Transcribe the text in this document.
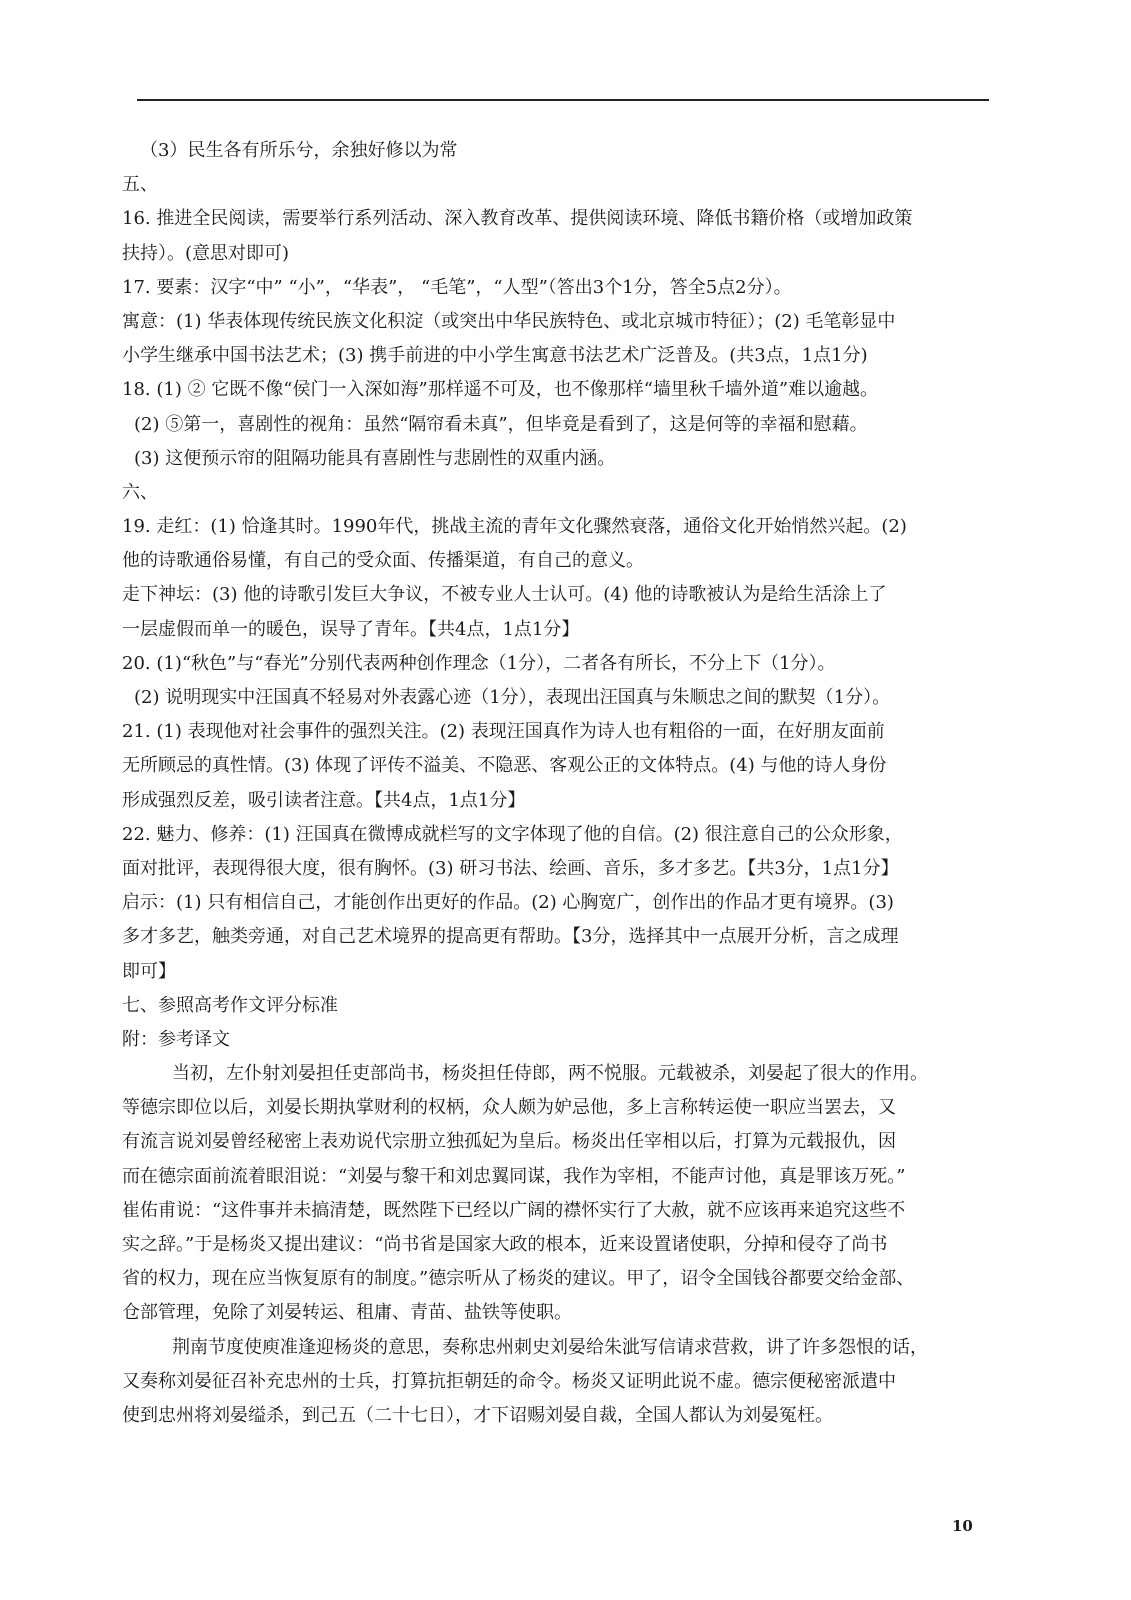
（3）民生各有所乐兮，余独好修以为常
五、
16. 推进全民阅读，需要举行系列活动、深入教育改革、提供阅读环境、降低书籍价格（或增加政策
扶持）。(意思对即可)
17. 要素：汉字“中” “小”，“华表”， “毛笔”，“人型”（答出3个1分，答全5点2分）。
寓意：(1) 华表体现传统民族文化积淀（或突出中华民族特色、或北京城市特征）；(2) 毛笔彰显中
小学生继承中国书法艺术；(3) 携手前进的中小学生寓意书法艺术广泛普及。(共3点，1点1分)
18. (1) ② 它既不像“侯门一入深如海”那样遥不可及，也不像那样“墙里秋千墙外道”难以逾越。
(2) ⑤第一，喜剧性的视角：虽然“隔帘看未真”，但毕竟是看到了，这是何等的幸福和慰藉。
(3) 这便预示帘的阻隔功能具有喜剧性与悲剧性的双重内涵。
六、
19. 走红：(1) 恰逢其时。1990年代，挑战主流的青年文化骤然衰落，通俗文化开始悄然兴起。(2)
他的诗歌通俗易懂，有自己的受众面、传播渠道，有自己的意义。
走下神坛：(3) 他的诗歌引发巨大争议，不被专业人士认可。(4) 他的诗歌被认为是给生活涂上了
一层虚假而单一的暖色，误导了青年。【共4点，1点1分】
20. (1)“秋色”与“春光”分别代表两种创作理念（1分），二者各有所长，不分上下（1分）。
(2) 说明现实中汪国真不轻易对外表露心迹（1分），表现出汪国真与朱顺忠之间的默契（1分）。
21. (1) 表现他对社会事件的强烈关注。(2) 表现汪国真作为诗人也有粗俗的一面，在好朋友面前
无所顾忌的真性情。(3) 体现了评传不溢美、不隐恶、客观公正的文体特点。(4) 与他的诗人身份
形成强烈反差，吸引读者注意。【共4点，1点1分】
22. 魅力、修养：(1) 汪国真在微博成就栏写的文字体现了他的自信。(2) 很注意自己的公众形象，
面对批评，表现得很大度，很有胸怀。(3) 研习书法、绘画、音乐，多才多艺。【共3分，1点1分】
启示：(1) 只有相信自己，才能创作出更好的作品。(2) 心胸宽广，创作出的作品才更有境界。(3)
多才多艺，触类旁通，对自己艺术境界的提高更有帮助。【3分，选择其中一点展开分析，言之成理
即可】
七、参照高考作文评分标准
附：参考译文
当初，左仆射刘晏担任吏部尚书，杨炎担任侍郎，两不悦服。元载被杀，刘晏起了很大的作用。
等德宗即位以后，刘晏长期执掌财利的权柄，众人颇为妒忌他，多上言称转运使一职应当罢去，又
有流言说刘晏曾经秘密上表劝说代宗册立独孤妃为皇后。杨炎出任宰相以后，打算为元载报仇，因
而在德宗面前流着眼泪说：“刘晏与黎干和刘忠翼同谋，我作为宰相，不能声讨他，真是罪该万死。”
崔佑甫说：“这件事并未搞清楚，既然陛下已经以广阔的襟怀实行了大赦，就不应该再来追究这些不
实之辞。”于是杨炎又提出建议：“尚书省是国家大政的根本，近来设置诸使职，分掉和侵夺了尚书
省的权力，现在应当恢复原有的制度。”德宗听从了杨炎的建议。甲了，诏令全国钱谷都要交给金部、
仓部管理，免除了刘晏转运、租庸、青苗、盐铁等使职。
荆南节度使庾准逢迎杨炎的意思，奏称忠州刺史刘晏给朱泚写信请求营救，讲了许多怨恨的话，
又奏称刘晏征召补充忠州的士兵，打算抗拒朝廷的命令。杨炎又证明此说不虚。德宗便秘密派遣中
使到忠州将刘晏缢杀，到己五（二十七日），才下诏赐刘晏自裁，全国人都认为刘晏冤枉。
10
